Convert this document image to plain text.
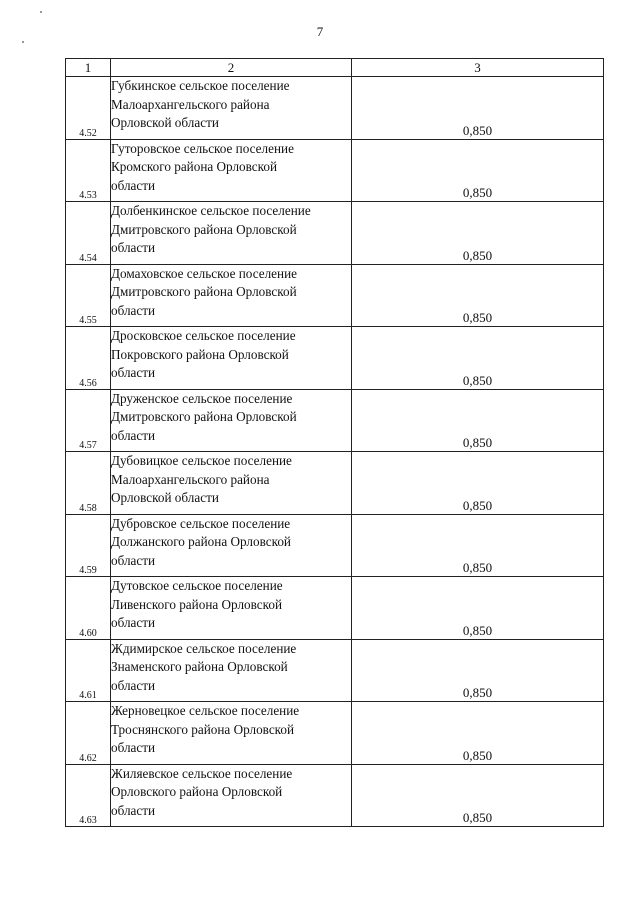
7
1	2	3
4.52	Губкинское сельское поселение
Малоархангельского района
Орловской области	0,850
4.53	Гуторовское сельское поселение
Кромского района Орловской
области	0,850
4.54	Долбенкинское сельское поселение
Дмитровского района Орловской
области	0,850
4.55	Домаховское сельское поселение
Дмитровского района Орловской
области	0,850
4.56	Дросковское сельское поселение
Покровского района Орловской
области	0,850
4.57	Друженское сельское поселение
Дмитровского района Орловской
области	0,850
4.58	Дубовицкое сельское поселение
Малоархангельского района
Орловской области	0,850
4.59	Дубровское сельское поселение
Должанского района Орловской
области	0,850
4.60	Дутовское сельское поселение
Ливенского района Орловской
области	0,850
4.61	Ждимирское сельское поселение
Знаменского района Орловской
области	0,850
4.62	Жерновецкое сельское поселение
Троснянского района Орловской
области	0,850
4.63	Жиляевское сельское поселение
Орловского района Орловской
области	0,850
